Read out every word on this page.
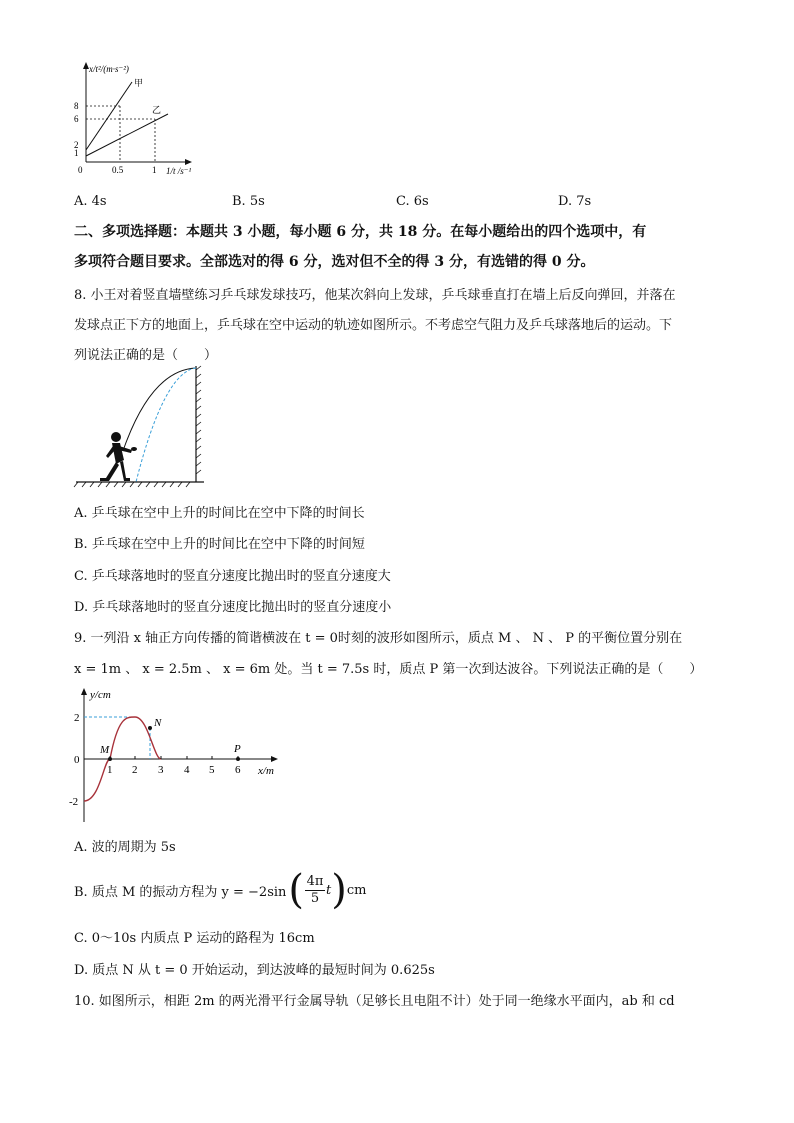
x/t²/(m·s⁻²)
甲
乙
8
6
2
1
0	0.5	1 1/t /s⁻¹
A. 4s	B. 5s	C. 6s	D. 7s
二、多项选择题：本题共 3 小题，每小题 6 分，共 18 分。在每小题给出的四个选项中，有
多项符合题目要求。全部选对的得 6 分，选对但不全的得 3 分，有选错的得 0 分。
8. 小王对着竖直墙壁练习乒乓球发球技巧，他某次斜向上发球，乒乓球垂直打在墙上后反向弹回，并落在
发球点正下方的地面上，乒乓球在空中运动的轨迹如图所示。不考虑空气阻力及乒乓球落地后的运动。下
列说法正确的是（　　）
A. 乒乓球在空中上升的时间比在空中下降的时间长
B. 乒乓球在空中上升的时间比在空中下降的时间短
C. 乒乓球落地时的竖直分速度比抛出时的竖直分速度大
D. 乒乓球落地时的竖直分速度比抛出时的竖直分速度小
9. 一列沿 x 轴正方向传播的简谐横波在 t = 0时刻的波形如图所示，质点 M 、 N 、 P 的平衡位置分别在
x = 1m 、 x = 2.5m 、 x = 6m 处。当 t = 7.5s 时，质点 P 第一次到达波谷。下列说法正确的是（　　）
y/cm
x/m
2
0
-2
1 2 3 4 5 6
M
N
P
A. 波的周期为 5s
B. 质点 M 的振动方程为 y = −2sin ( 4π
5
t ) cm
C. 0～10s 内质点 P 运动的路程为 16cm
D. 质点 N 从 t = 0 开始运动，到达波峰的最短时间为 0.625s
10. 如图所示，相距 2m 的两光滑平行金属导轨（足够长且电阻不计）处于同一绝缘水平面内，ab 和 cd
